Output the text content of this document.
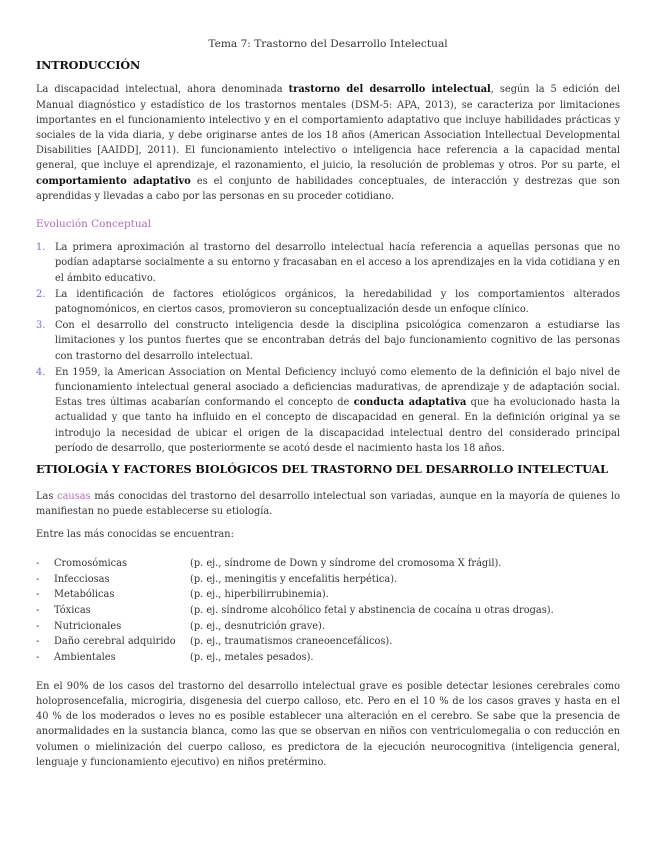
Tema 7: Trastorno del Desarrollo Intelectual
INTRODUCCIÓN

La discapacidad intelectual, ahora denominada trastorno del desarrollo intelectual, según la 5 edición del Manual diagnóstico y estadístico de los trastornos mentales (DSM-5: APA, 2013), se caracteriza por limitaciones importantes en el funcionamiento intelectivo y en el comportamiento adaptativo que incluye habilidades prácticas y sociales de la vida diaria, y debe originarse antes de los 18 años (American Association Intellectual Developmental Disabilities [AAIDD], 2011). El funcionamiento intelectivo o inteligencia hace referencia a la capacidad mental general, que incluye el aprendizaje, el razonamiento, el juicio, la resolución de problemas y otros. Por su parte, el comportamiento adaptativo es el conjunto de habilidades conceptuales, de interacción y destrezas que son aprendidas y llevadas a cabo por las personas en su proceder cotidiano.

Evolución Conceptual
1. La primera aproximación al trastorno del desarrollo intelectual hacía referencia a aquellas personas que no podían adaptarse socialmente a su entorno y fracasaban en el acceso a los aprendizajes en la vida cotidiana y en el ámbito educativo.
2. La identificación de factores etiológicos orgánicos, la heredabilidad y los comportamientos alterados patognomónicos, en ciertos casos, promovieron su conceptualización desde un enfoque clínico.
3. Con el desarrollo del constructo inteligencia desde la disciplina psicológica comenzaron a estudiarse las limitaciones y los puntos fuertes que se encontraban detrás del bajo funcionamiento cognitivo de las personas con trastorno del desarrollo intelectual.
4. En 1959, la American Association on Mental Deficiency incluyó como elemento de la definición el bajo nivel de funcionamiento intelectual general asociado a deficiencias madurativas, de aprendizaje y de adaptación social. Estas tres últimas acabarían conformando el concepto de conducta adaptativa que ha evolucionado hasta la actualidad y que tanto ha influido en el concepto de discapacidad en general. En la definición original ya se introdujo la necesidad de ubicar el origen de la discapacidad intelectual dentro del considerado principal período de desarrollo, que posteriormente se acotó desde el nacimiento hasta los 18 años.
ETIOLOGÍA Y FACTORES BIOLÓGICOS DEL TRASTORNO DEL DESARROLLO INTELECTUAL

Las causas más conocidas del trastorno del desarrollo intelectual son variadas, aunque en la mayoría de quienes lo manifiestan no puede establecerse su etiología.

Entre las más conocidas se encuentran:

-	Cromosómicas	(p. ej., síndrome de Down y síndrome del cromosoma X frágil).
-	Infecciosas	(p. ej., meningitis y encefalitis herpética).
-	Metabólicas	(p. ej., hiperbilirrubinemia).
-	Tóxicas	(p. ej. síndrome alcohólico fetal y abstinencia de cocaína u otras drogas).
-	Nutricionales	(p. ej., desnutrición grave).
-	Daño cerebral adquirido	(p. ej., traumatismos craneoencefálicos).
-	Ambientales	(p. ej., metales pesados).

En el 90% de los casos del trastorno del desarrollo intelectual grave es posible detectar lesiones cerebrales como holoprosencefalia, microgiria, disgenesia del cuerpo calloso, etc. Pero en el 10 % de los casos graves y hasta en el 40 % de los moderados o leves no es posible establecer una alteración en el cerebro. Se sabe que la presencia de anormalidades en la sustancia blanca, como las que se observan en niños con ventriculomegalia o con reducción en volumen o mielinización del cuerpo calloso, es predictora de la ejecución neurocognitiva (inteligencia general, lenguaje y funcionamiento ejecutivo) en niños pretérmino.
